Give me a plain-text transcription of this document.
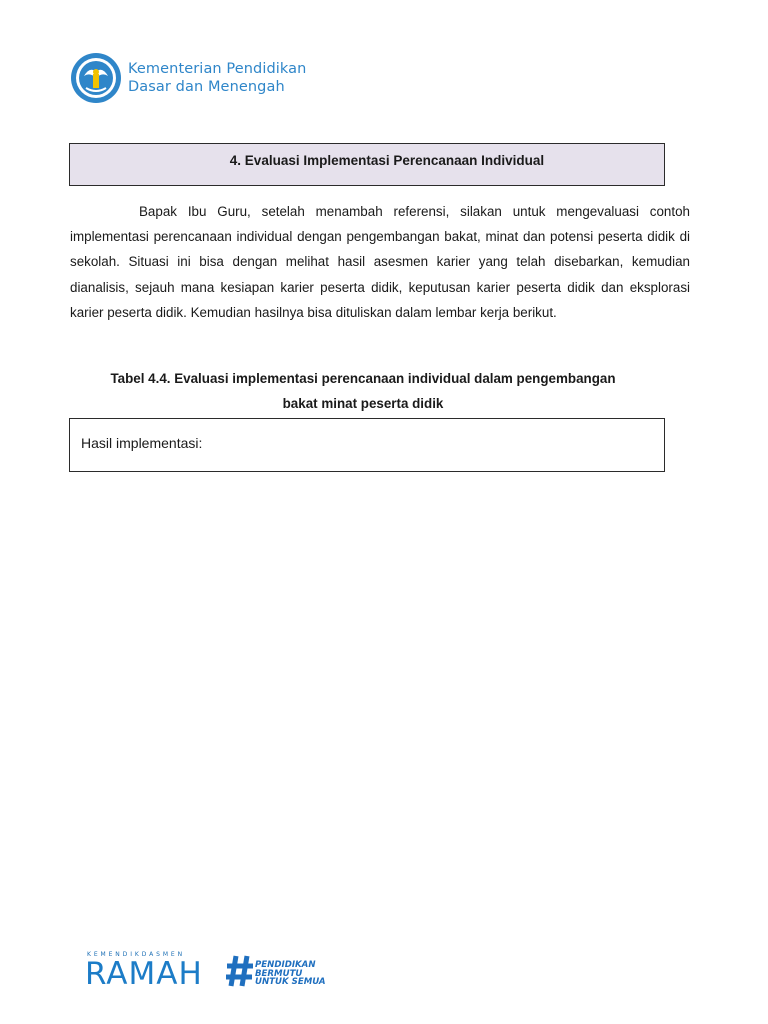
Kementerian Pendidikan
Dasar dan Menengah
4. Evaluasi Implementasi Perencanaan Individual

Bapak Ibu Guru, setelah menambah referensi, silakan untuk mengevaluasi contoh implementasi perencanaan individual dengan pengembangan bakat, minat dan potensi peserta didik di sekolah. Situasi ini bisa dengan melihat hasil asesmen karier yang telah disebarkan, kemudian dianalisis, sejauh mana kesiapan karier peserta didik, keputusan karier peserta didik dan eksplorasi karier peserta didik. Kemudian hasilnya bisa dituliskan dalam lembar kerja berikut.

Tabel 4.4. Evaluasi implementasi perencanaan individual dalam pengembangan
bakat minat peserta didik
Hasil implementasi:
KEMENDIKDASMEN
RAMAH	PENDIDIKAN
BERMUTU
UNTUK SEMUA
